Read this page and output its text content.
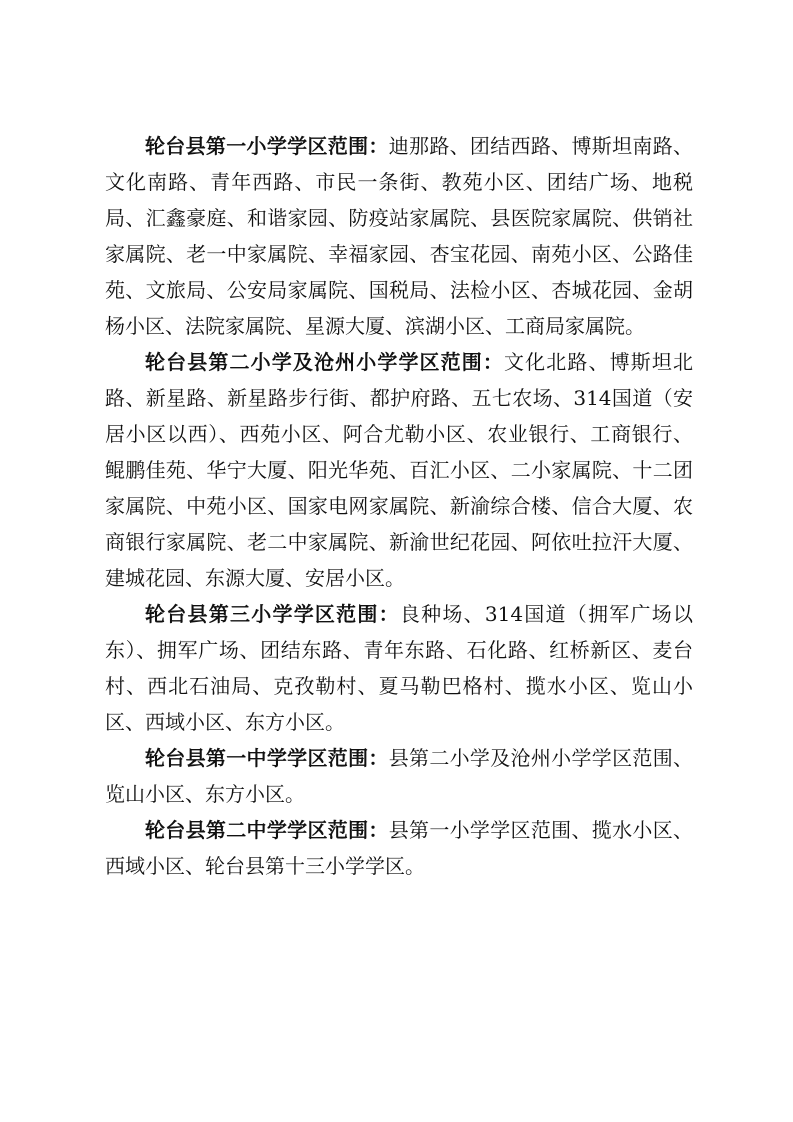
轮台县第一小学学区范围：迪那路、团结西路、博斯坦南路、文化南路、青年西路、市民一条街、教苑小区、团结广场、地税局、汇鑫豪庭、和谐家园、防疫站家属院、县医院家属院、供销社家属院、老一中家属院、幸福家园、杏宝花园、南苑小区、公路佳苑、文旅局、公安局家属院、国税局、法检小区、杏城花园、金胡杨小区、法院家属院、星源大厦、滨湖小区、工商局家属院。

轮台县第二小学及沧州小学学区范围：文化北路、博斯坦北路、新星路、新星路步行街、都护府路、五七农场、314国道（安居小区以西）、西苑小区、阿合尤勒小区、农业银行、工商银行、鲲鹏佳苑、华宁大厦、阳光华苑、百汇小区、二小家属院、十二团家属院、中苑小区、国家电网家属院、新渝综合楼、信合大厦、农商银行家属院、老二中家属院、新渝世纪花园、阿依吐拉汗大厦、建城花园、东源大厦、安居小区。

轮台县第三小学学区范围：良种场、314国道（拥军广场以东）、拥军广场、团结东路、青年东路、石化路、红桥新区、麦台村、西北石油局、克孜勒村、夏马勒巴格村、揽水小区、览山小区、西域小区、东方小区。

轮台县第一中学学区范围：县第二小学及沧州小学学区范围、览山小区、东方小区。

轮台县第二中学学区范围：县第一小学学区范围、揽水小区、西域小区、轮台县第十三小学学区。
